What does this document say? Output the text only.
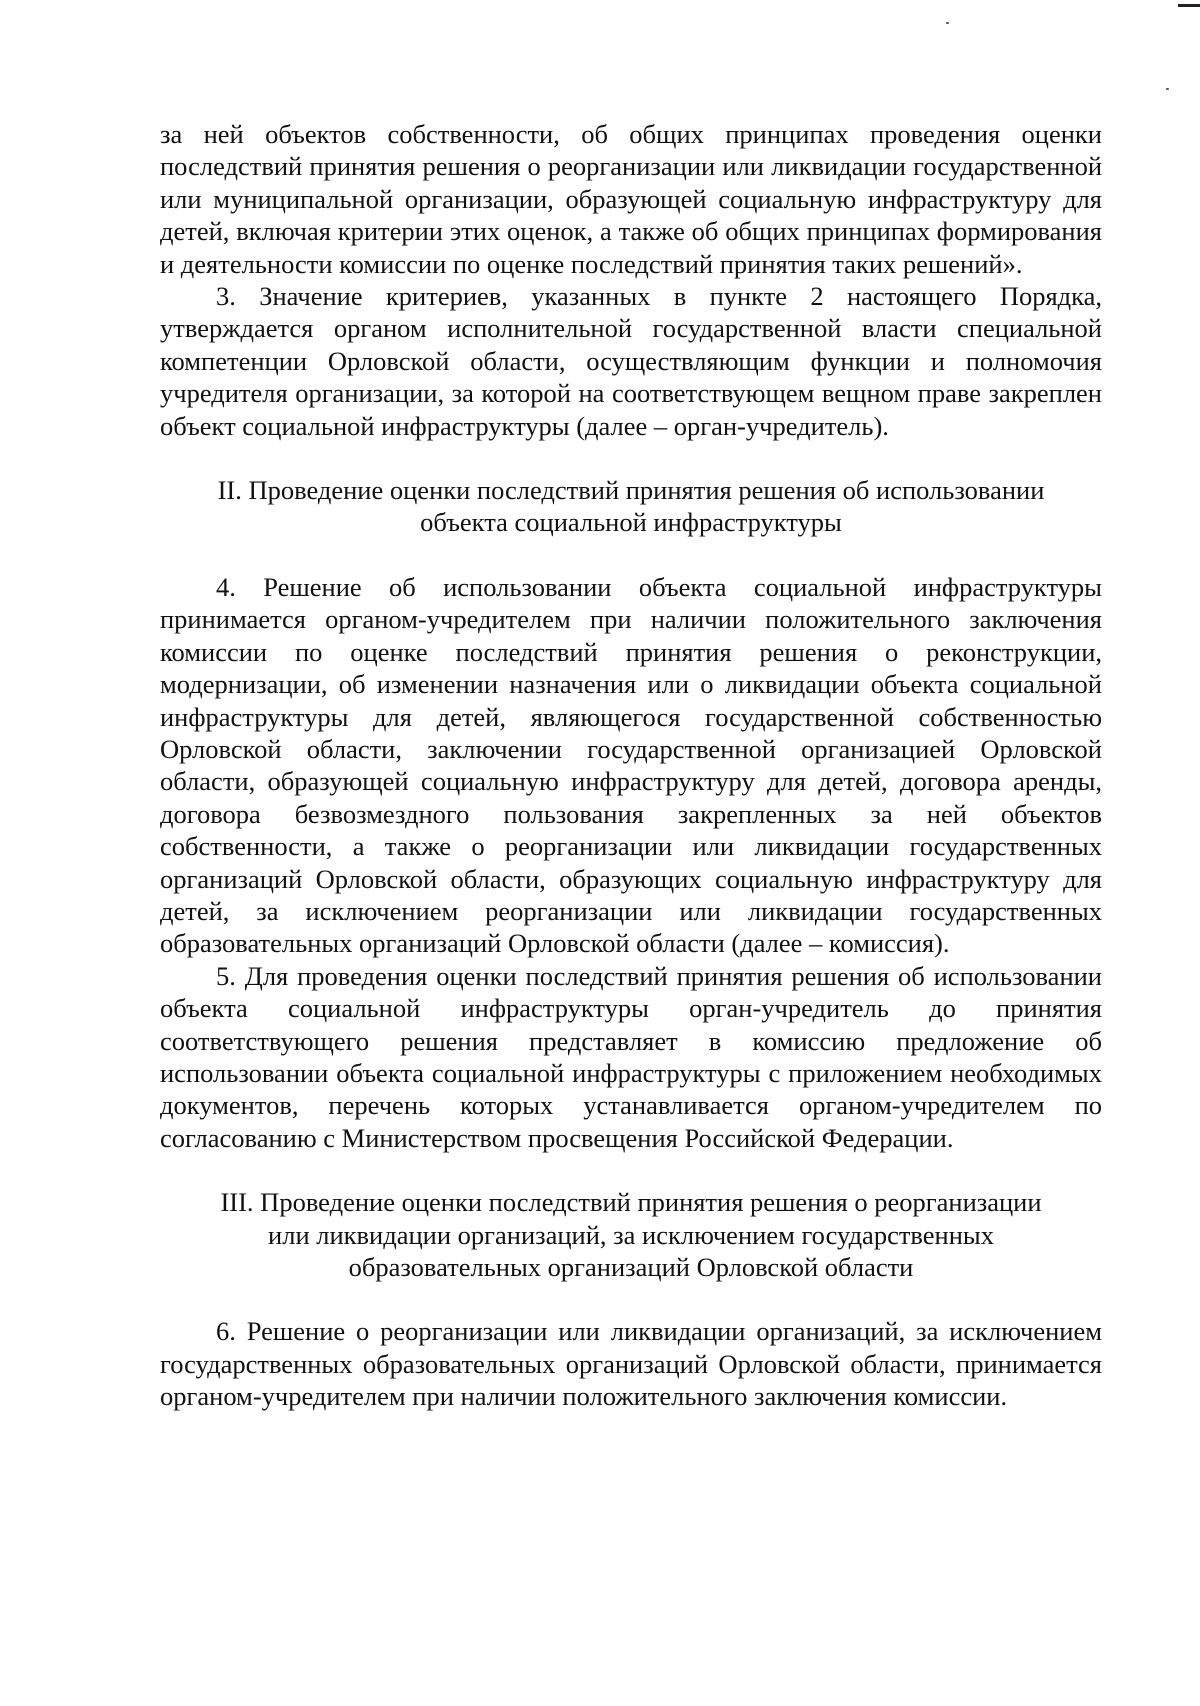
за ней объектов собственности, об общих принципах проведения оценки последствий принятия решения о реорганизации или ликвидации государственной или муниципальной организации, образующей социальную инфраструктуру для детей, включая критерии этих оценок, а также об общих принципах формирования и деятельности комиссии по оценке последствий принятия таких решений».

3. Значение критериев, указанных в пункте 2 настоящего Порядка, утверждается органом исполнительной государственной власти специальной компетенции Орловской области, осуществляющим функции и полномочия учредителя организации, за которой на соответствующем вещном праве закреплен объект социальной инфраструктуры (далее – орган-учредитель).

II. Проведение оценки последствий принятия решения об использовании объекта социальной инфраструктуры

4. Решение об использовании объекта социальной инфраструктуры принимается органом-учредителем при наличии положительного заключения комиссии по оценке последствий принятия решения о реконструкции, модернизации, об изменении назначения или о ликвидации объекта социальной инфраструктуры для детей, являющегося государственной собственностью Орловской области, заключении государственной организацией Орловской области, образующей социальную инфраструктуру для детей, договора аренды, договора безвозмездного пользования закрепленных за ней объектов собственности, а также о реорганизации или ликвидации государственных организаций Орловской области, образующих социальную инфраструктуру для детей, за исключением реорганизации или ликвидации государственных образовательных организаций Орловской области (далее – комиссия).

5. Для проведения оценки последствий принятия решения об использовании объекта социальной инфраструктуры орган-учредитель до принятия соответствующего решения представляет в комиссию предложение об использовании объекта социальной инфраструктуры с приложением необходимых документов, перечень которых устанавливается органом-учредителем по согласованию с Министерством просвещения Российской Федерации.

III. Проведение оценки последствий принятия решения о реорганизации
или ликвидации организаций, за исключением государственных
образовательных организаций Орловской области

6. Решение о реорганизации или ликвидации организаций, за исключением государственных образовательных организаций Орловской области, принимается органом-учредителем при наличии положительного заключения комиссии.
